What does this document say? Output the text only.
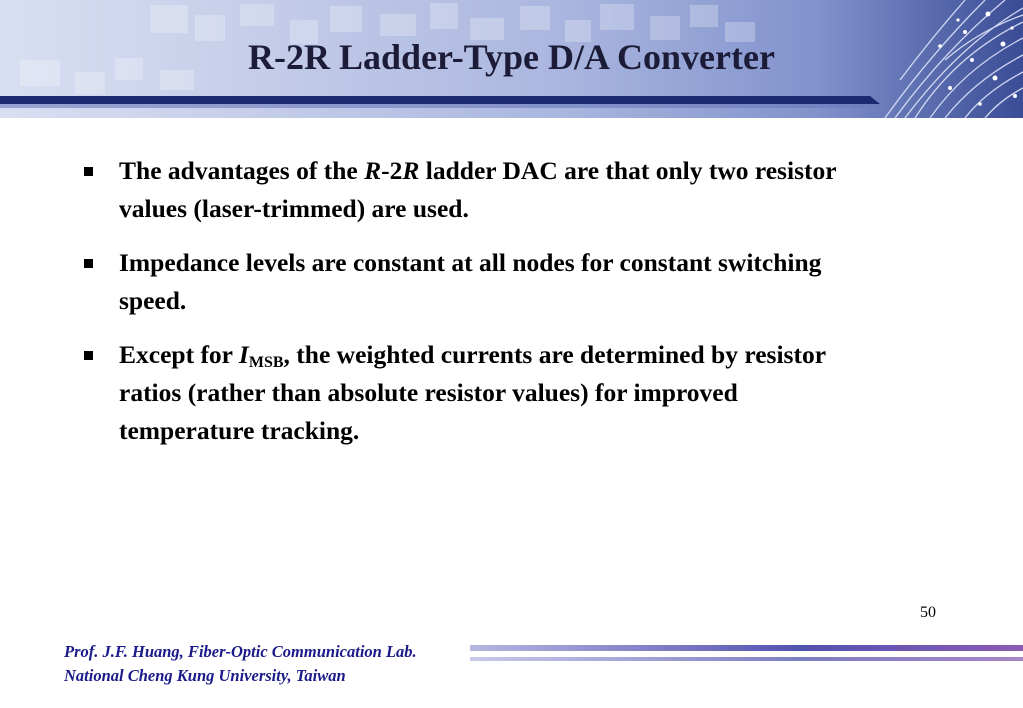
R-2R Ladder-Type D/A Converter
The advantages of the R-2R ladder DAC are that only two resistor values (laser-trimmed) are used.
Impedance levels are constant at all nodes for constant switching speed.
Except for $I_{MSB}$, the weighted currents are determined by resistor ratios (rather than absolute resistor values) for improved temperature tracking.
50
Prof. J.F. Huang, Fiber-Optic Communication Lab.
National Cheng Kung University, Taiwan
